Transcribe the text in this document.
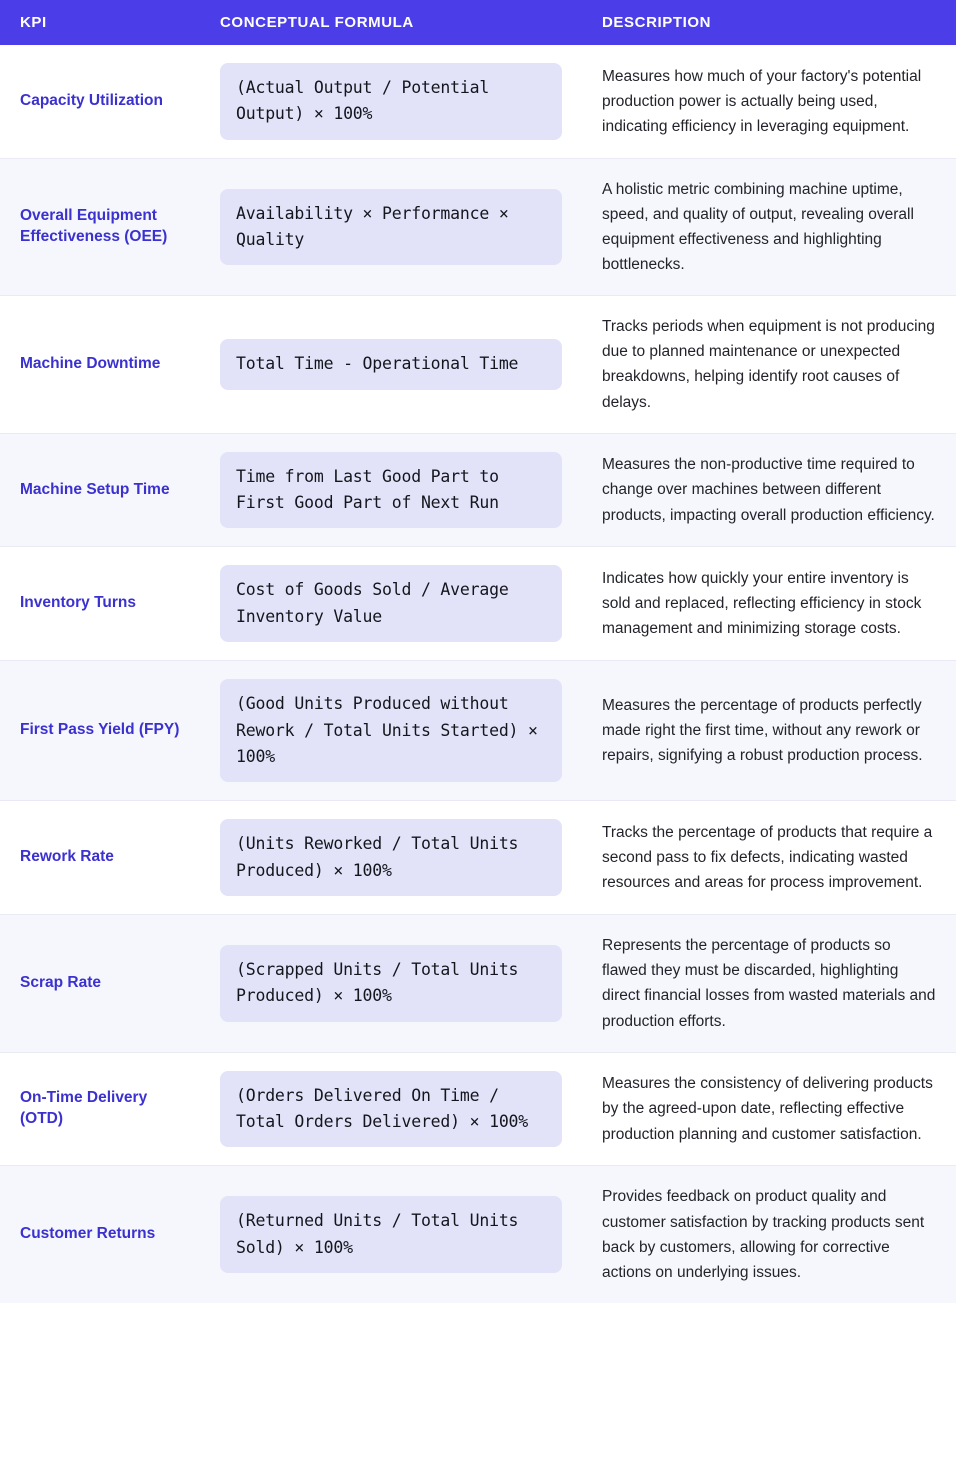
KPI	CONCEPTUAL FORMULA	DESCRIPTION
Capacity Utilization	(Actual Output / Potential Output) × 100%	Measures how much of your factory's potential production power is actually being used, indicating efficiency in leveraging equipment.
Overall Equipment Effectiveness (OEE)	Availability × Performance × Quality	A holistic metric combining machine uptime, speed, and quality of output, revealing overall equipment effectiveness and highlighting bottlenecks.
Machine Downtime	Total Time - Operational Time	Tracks periods when equipment is not producing due to planned maintenance or unexpected breakdowns, helping identify root causes of delays.
Machine Setup Time	Time from Last Good Part to First Good Part of Next Run	Measures the non-productive time required to change over machines between different products, impacting overall production efficiency.
Inventory Turns	Cost of Goods Sold / Average Inventory Value	Indicates how quickly your entire inventory is sold and replaced, reflecting efficiency in stock management and minimizing storage costs.
First Pass Yield (FPY)	(Good Units Produced without Rework / Total Units Started) × 100%	Measures the percentage of products perfectly made right the first time, without any rework or repairs, signifying a robust production process.
Rework Rate	(Units Reworked / Total Units Produced) × 100%	Tracks the percentage of products that require a second pass to fix defects, indicating wasted resources and areas for process improvement.
Scrap Rate	(Scrapped Units / Total Units Produced) × 100%	Represents the percentage of products so flawed they must be discarded, highlighting direct financial losses from wasted materials and production efforts.
On-Time Delivery (OTD)	(Orders Delivered On Time / Total Orders Delivered) × 100%	Measures the consistency of delivering products by the agreed-upon date, reflecting effective production planning and customer satisfaction.
Customer Returns	(Returned Units / Total Units Sold) × 100%	Provides feedback on product quality and customer satisfaction by tracking products sent back by customers, allowing for corrective actions on underlying issues.
